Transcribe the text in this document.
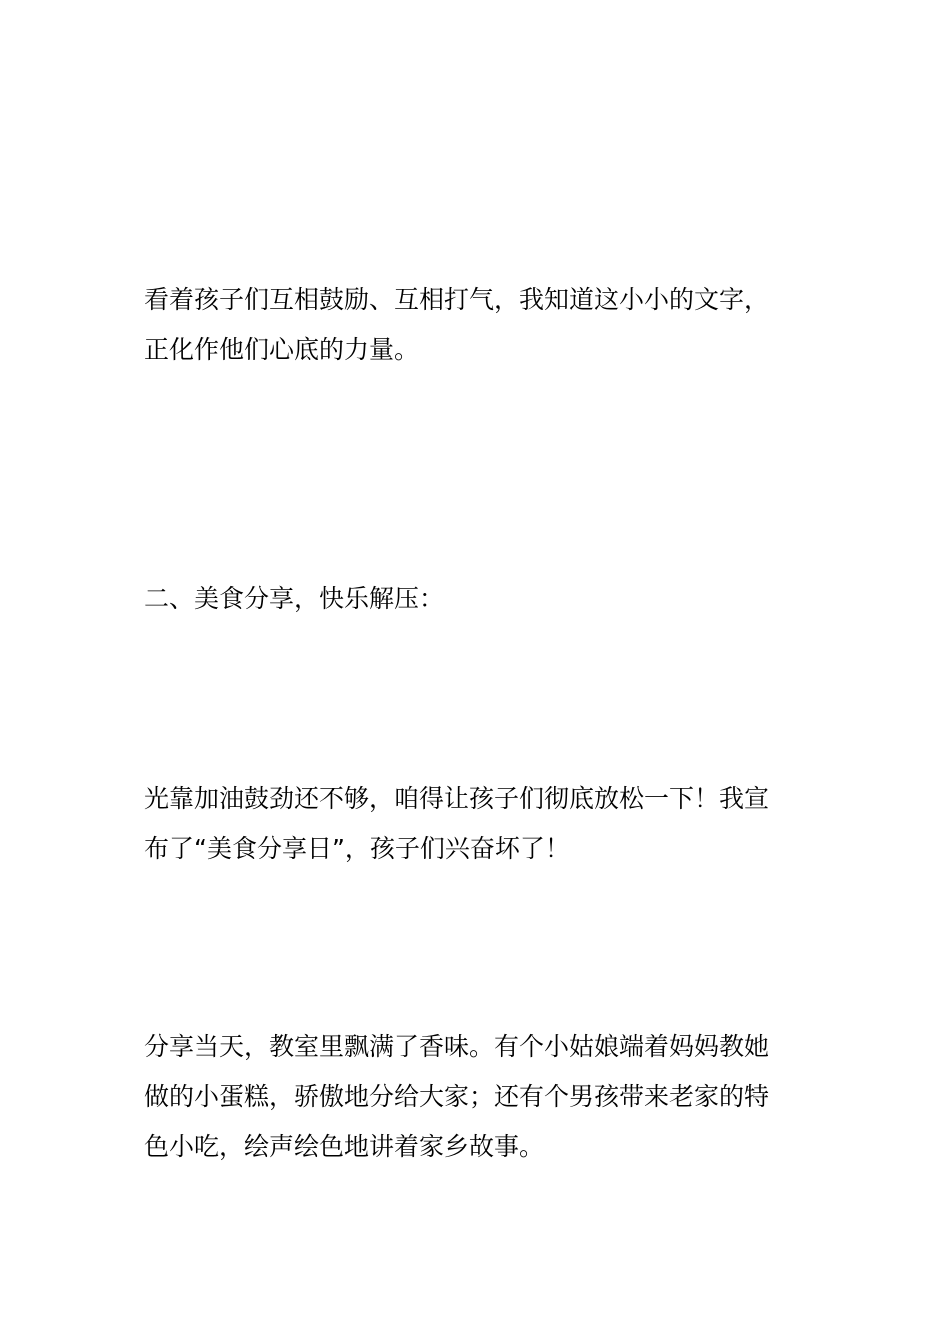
看着孩子们互相鼓励、互相打气，我知道这小小的文字，
正化作他们心底的力量。

二、美食分享，快乐解压：

光靠加油鼓劲还不够，咱得让孩子们彻底放松一下！我宣
布了“美食分享日”，孩子们兴奋坏了！

分享当天，教室里飘满了香味。有个小姑娘端着妈妈教她
做的小蛋糕，骄傲地分给大家；还有个男孩带来老家的特
色小吃，绘声绘色地讲着家乡故事。
